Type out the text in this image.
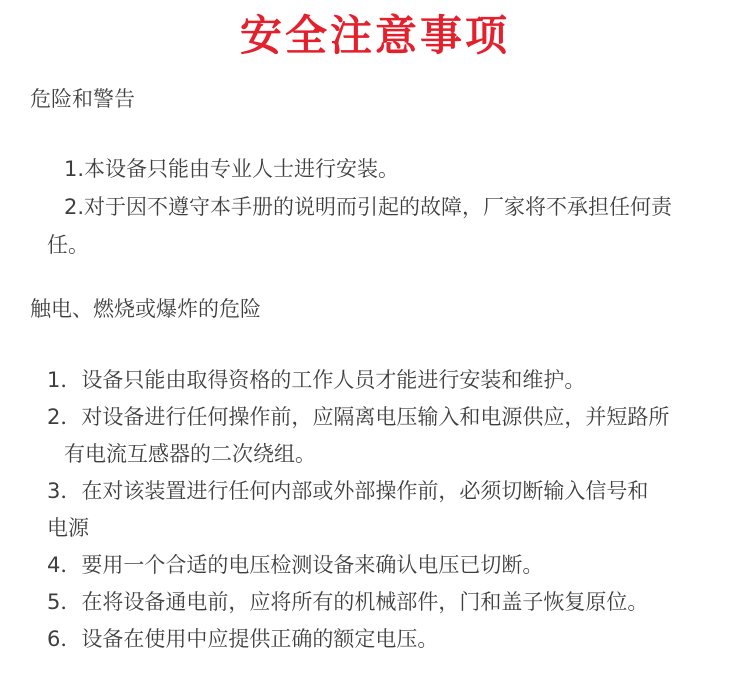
安全注意事项
危险和警告
1.本设备只能由专业人士进行安装。
2.对于因不遵守本手册的说明而引起的故障，厂家将不承担任何责
任。
触电、燃烧或爆炸的危险
1．设备只能由取得资格的工作人员才能进行安装和维护。
2．对设备进行任何操作前，应隔离电压输入和电源供应，并短路所
有电流互感器的二次绕组。
3．在对该装置进行任何内部或外部操作前，必须切断输入信号和
电源
4．要用一个合适的电压检测设备来确认电压已切断。
5．在将设备通电前，应将所有的机械部件，门和盖子恢复原位。
6．设备在使用中应提供正确的额定电压。
